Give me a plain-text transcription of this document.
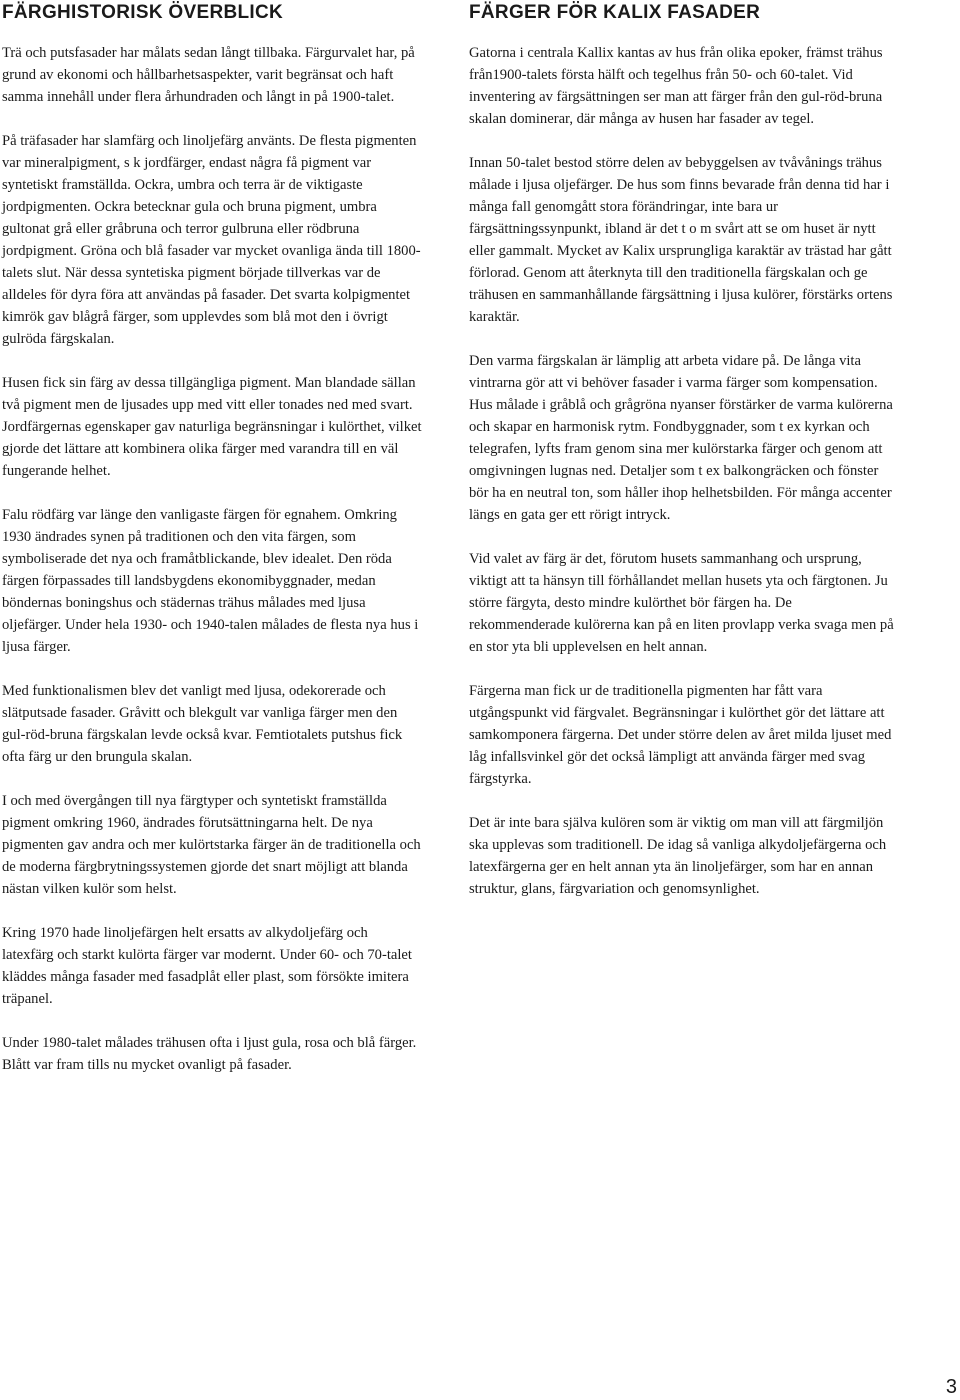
FÄRGHISTORISK ÖVERBLICK

Trä och putsfasader har målats sedan långt tillbaka. Färgurvalet har, på grund av ekonomi och hållbarhetsaspekter, varit begränsat och haft samma innehåll under flera århundraden och långt in på 1900-talet.

På träfasader har slamfärg och linoljefärg använts. De flesta pigmenten var mineralpigment, s k jordfärger, endast några få pigment var syntetiskt framställda. Ockra, umbra och terra är de viktigaste jordpigmenten. Ockra betecknar gula och bruna pigment, umbra gultonat grå eller gråbruna och terror gulbruna eller rödbruna jordpigment. Gröna och blå fasader var mycket ovanliga ända till 1800-talets slut. När dessa syntetiska pigment började tillverkas var de alldeles för dyra föra att användas på fasader. Det svarta kolpigmentet kimrök gav blågrå färger, som upplevdes som blå mot den i övrigt gulröda färgskalan.

Husen fick sin färg av dessa tillgängliga pigment. Man blandade sällan två pigment men de ljusades upp med vitt eller tonades ned med svart. Jordfärgernas egenskaper gav naturliga begränsningar i kulörthet, vilket gjorde det lättare att kombinera olika färger med varandra till en väl fungerande helhet.

Falu rödfärg var länge den vanligaste färgen för egnahem. Omkring 1930 ändrades synen på traditionen och den vita färgen, som symboliserade det nya och framåtblickande, blev idealet. Den röda färgen förpassades till landsbygdens ekonomibyggnader, medan böndernas boningshus och städernas trähus målades med ljusa oljefärger. Under hela 1930- och 1940-talen målades de flesta nya hus i ljusa färger.

Med funktionalismen blev det vanligt med ljusa, odekorerade och slätputsade fasader. Gråvitt och blekgult var vanliga färger men den gul-röd-bruna färgskalan levde också kvar. Femtiotalets putshus fick ofta färg ur den brungula skalan.

I och med övergången till nya färgtyper och syntetiskt framställda pigment omkring 1960, ändrades förutsättningarna helt. De nya pigmenten gav andra och mer kulörtstarka färger än de traditionella och de moderna färgbrytningssystemen gjorde det snart möjligt att blanda nästan vilken kulör som helst.

Kring 1970 hade linoljefärgen helt ersatts av alkydoljefärg och latexfärg och starkt kulörta färger var modernt. Under 60- och 70-talet kläddes många fasader med fasadplåt eller plast, som försökte imitera träpanel.

Under 1980-talet målades trähusen ofta i ljust gula, rosa och blå färger. Blått var fram tills nu mycket ovanligt på fasader.

FÄRGER FÖR KALIX FASADER

Gatorna i centrala Kallix kantas av hus från olika epoker, främst trähus från1900-talets första hälft och tegelhus från 50- och 60-talet. Vid inventering av färgsättningen ser man att färger från den gul-röd-bruna skalan dominerar, där många av husen har fasader av tegel.

Innan 50-talet bestod större delen av bebyggelsen av tvåvånings trähus målade i ljusa oljefärger. De hus som finns bevarade från denna tid har i många fall genomgått stora förändringar, inte bara ur färgsättningssynpunkt, ibland är det t o m svårt att se om huset är nytt eller gammalt. Mycket av Kalix ursprungliga karaktär av trästad har gått förlorad. Genom att återknyta till den traditionella färgskalan och ge trähusen en sammanhållande färgsättning i ljusa kulörer, förstärks ortens karaktär.

Den varma färgskalan är lämplig att arbeta vidare på. De långa vita vintrarna gör att vi behöver fasader i varma färger som kompensation. Hus målade i gråblå och grågröna nyanser förstärker de varma kulörerna och skapar en harmonisk rytm. Fondbyggnader, som t ex kyrkan och telegrafen, lyfts fram genom sina mer kulörstarka färger och genom att omgivningen lugnas ned. Detaljer som t ex balkongräcken och fönster bör ha en neutral ton, som håller ihop helhetsbilden. För många accenter längs en gata ger ett rörigt intryck.

Vid valet av färg är det, förutom husets sammanhang och ursprung, viktigt att ta hänsyn till förhållandet mellan husets yta och färgtonen. Ju större färgyta, desto mindre kulörthet bör färgen ha. De rekommenderade kulörerna kan på en liten provlapp verka svaga men på en stor yta bli upplevelsen en helt annan.

Färgerna man fick ur de traditionella pigmenten har fått vara utgångspunkt vid färgvalet. Begränsningar i kulörthet gör det lättare att samkomponera färgerna. Det under större delen av året milda ljuset med låg infallsvinkel gör det också lämpligt att använda färger med svag färgstyrka.

Det är inte bara själva kulören som är viktig om man vill att färgmiljön ska upplevas som traditionell. De idag så vanliga alkydoljefärgerna och latexfärgerna ger en helt annan yta än linoljefärger, som har en annan struktur, glans, färgvariation och genomsynlighet.

3
